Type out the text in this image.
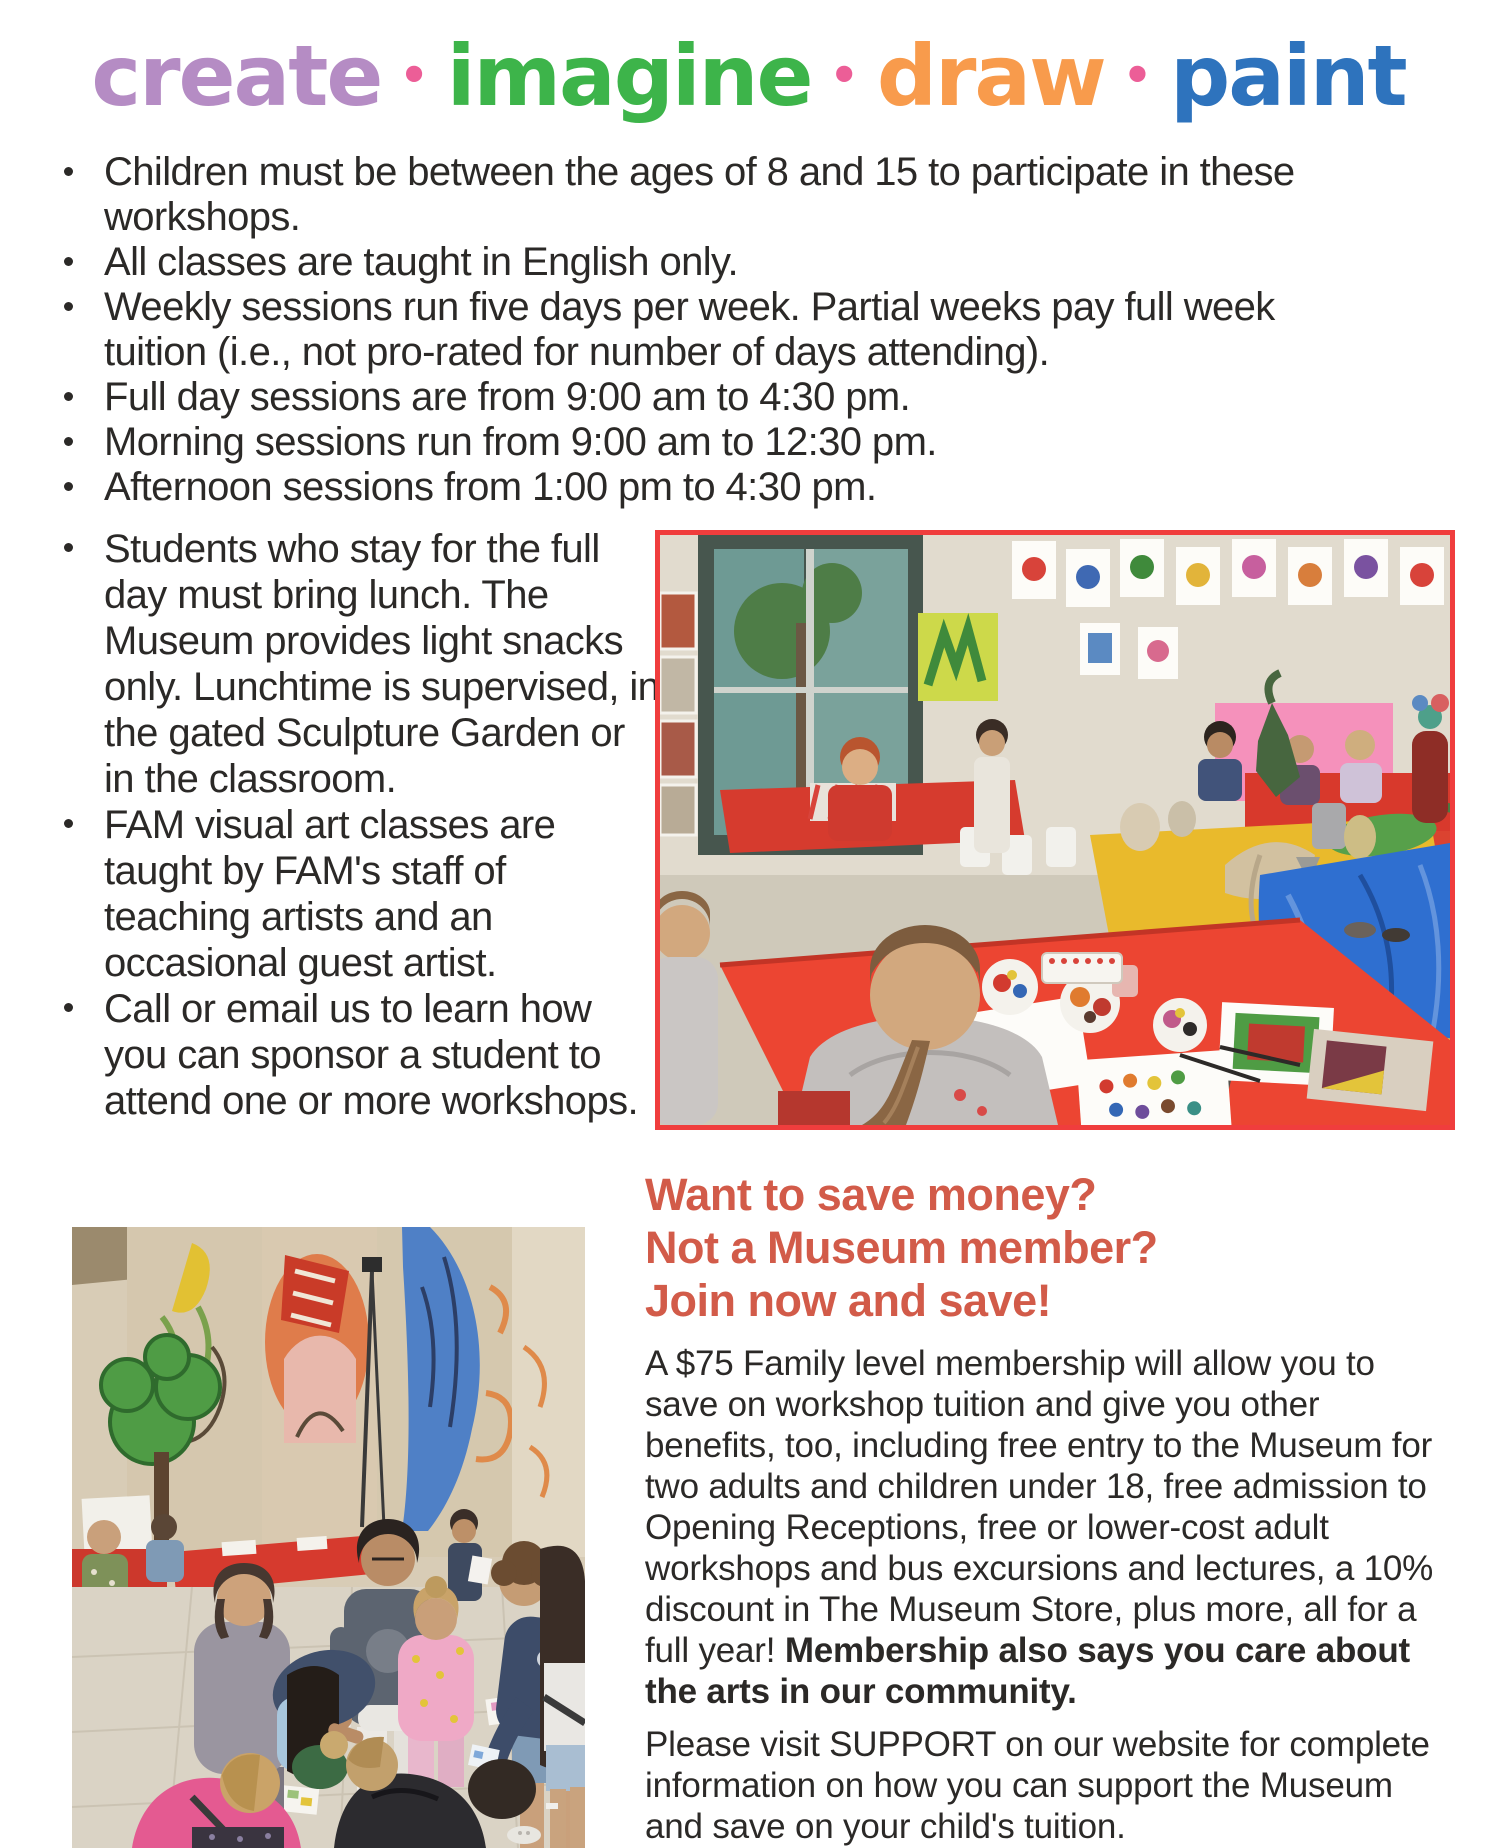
create • imagine • draw • paint
Children must be between the ages of 8 and 15 to participate in these workshops.
All classes are taught in English only.
Weekly sessions run five days per week. Partial weeks pay full week tuition (i.e., not pro-rated for number of days attending).
Full day sessions are from 9:00 am to 4:30 pm.
Morning sessions run from 9:00 am to 12:30 pm.
Afternoon sessions from 1:00 pm to 4:30 pm.
Students who stay for the full day must bring lunch. The Museum provides light snacks only. Lunchtime is supervised, in the gated Sculpture Garden or in the classroom.
FAM visual art classes are taught by FAM's staff of teaching artists and an occasional guest artist.
Call or email us to learn how you can sponsor a student to attend one or more workshops.
Want to save money?
Not a Museum member?
Join now and save!
A $75 Family level membership will allow you to save on workshop tuition and give you other benefits, too, including free entry to the Museum for two adults and children under 18, free admission to Opening Receptions, free or lower-cost adult workshops and bus excursions and lectures, a 10% discount in The Museum Store, plus more, all for a full year! Membership also says you care about the arts in our community.
Please visit SUPPORT on our website for complete information on how you can support the Museum and save on your child's tuition.
